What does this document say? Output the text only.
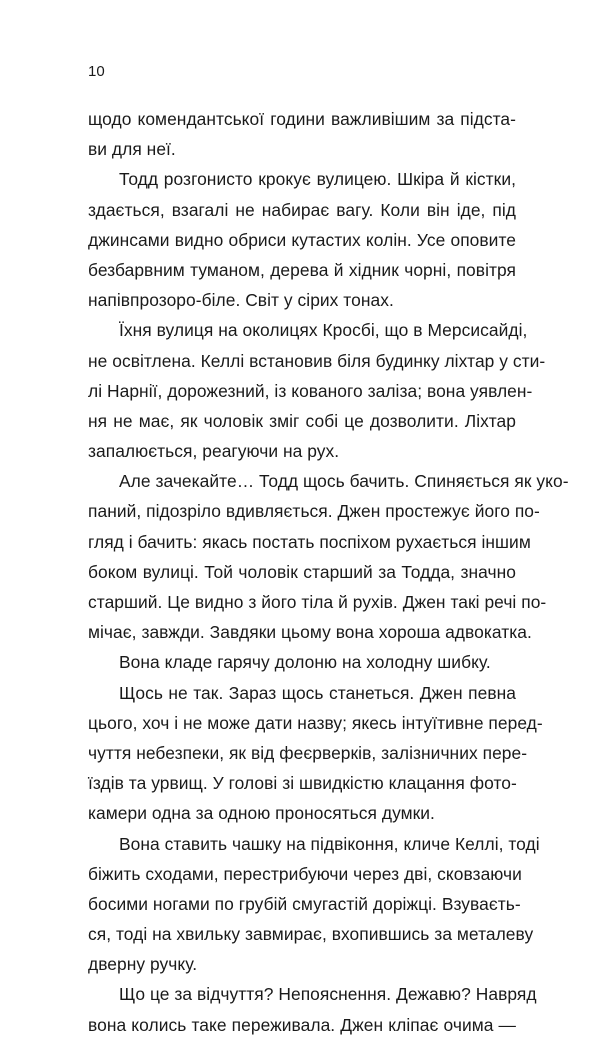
10
щодо комендантської години важливішим за підста-
ви для неї.
Тодд розгонисто крокує вулицею. Шкіра й кістки,
здається, взагалі не набирає вагу. Коли він іде, під
джинсами видно обриси кутастих колін. Усе оповите
безбарвним туманом, дерева й хідник чорні, повітря
напівпрозоро-біле. Світ у сірих тонах.
Їхня вулиця на околицях Кросбі, що в Мерсисайді,
не освітлена. Келлі встановив біля будинку ліхтар у сти-
лі Нарнії, дорожезний, із кованого заліза; вона уявлен-
ня не має, як чоловік зміг собі це дозволити. Ліхтар
запалюється, реагуючи на рух.
Але зачекайте… Тодд щось бачить. Спиняється як уко-
паний, підозріло вдивляється. Джен простежує його по-
гляд і бачить: якась постать поспіхом рухається іншим
боком вулиці. Той чоловік старший за Тодда, значно
старший. Це видно з його тіла й рухів. Джен такі речі по-
мічає, завжди. Завдяки цьому вона хороша адвокатка.
Вона кладе гарячу долоню на холодну шибку.
Щось не так. Зараз щось станеться. Джен певна
цього, хоч і не може дати назву; якесь інтуїтивне перед-
чуття небезпеки, як від феєрверків, залізничних пере-
їздів та урвищ. У голові зі швидкістю клацання фото-
камери одна за одною проносяться думки.
Вона ставить чашку на підвіконня, кличе Келлі, тоді
біжить сходами, перестрибуючи через дві, сковзаючи
босими ногами по грубій смугастій доріжці. Взуваєть-
ся, тоді на хвильку завмирає, вхопившись за металеву
дверну ручку.
Що це за відчуття? Непояснення. Дежавю? Навряд
вона колись таке переживала. Джен кліпає очима —
